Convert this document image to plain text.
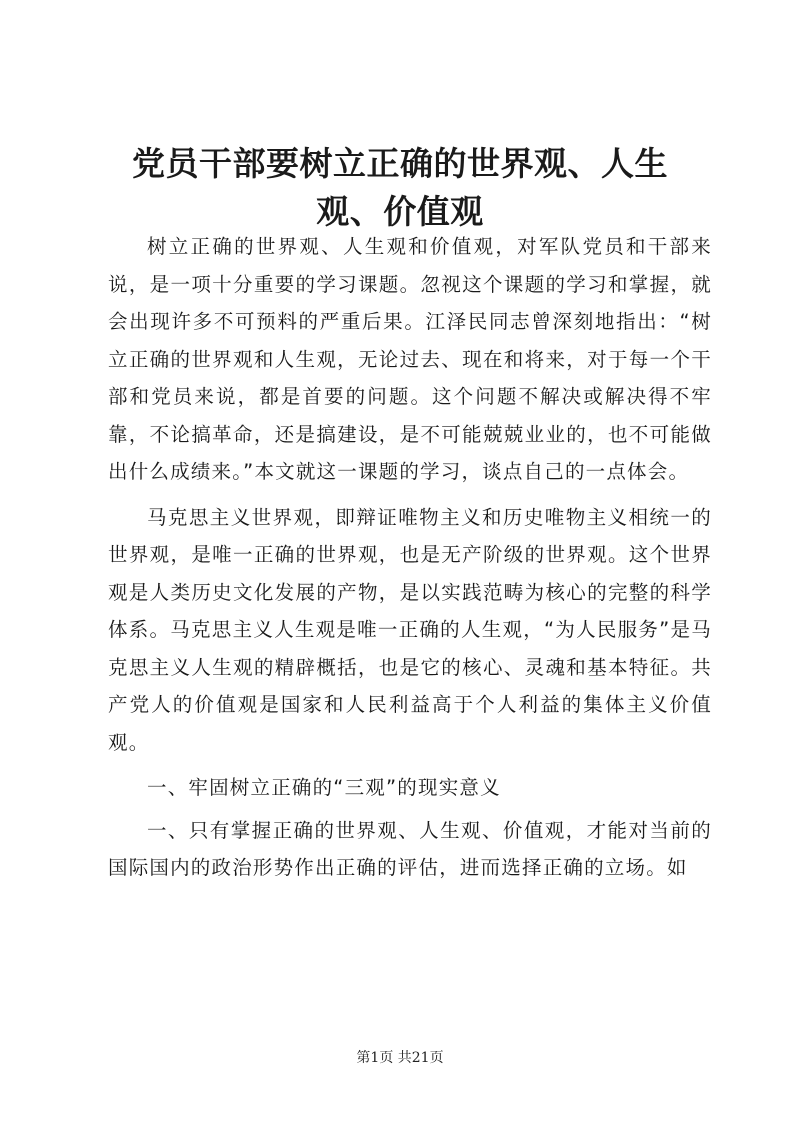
党员干部要树立正确的世界观、人生观、价值观

树立正确的世界观、人生观和价值观，对军队党员和干部来说，是一项十分重要的学习课题。忽视这个课题的学习和掌握，就会出现许多不可预料的严重后果。江泽民同志曾深刻地指出：“树立正确的世界观和人生观，无论过去、现在和将来，对于每一个干部和党员来说，都是首要的问题。这个问题不解决或解决得不牢靠，不论搞革命，还是搞建设，是不可能兢兢业业的，也不可能做出什么成绩来。”本文就这一课题的学习，谈点自己的一点体会。

马克思主义世界观，即辩证唯物主义和历史唯物主义相统一的世界观，是唯一正确的世界观，也是无产阶级的世界观。这个世界观是人类历史文化发展的产物，是以实践范畴为核心的完整的科学体系。马克思主义人生观是唯一正确的人生观，“为人民服务”是马克思主义人生观的精辟概括，也是它的核心、灵魂和基本特征。共产党人的价值观是国家和人民利益高于个人利益的集体主义价值观。

一、牢固树立正确的“三观”的现实意义

一、只有掌握正确的世界观、人生观、价值观，才能对当前的国际国内的政治形势作出正确的评估，进而选择正确的立场。如

第1页 共21页
